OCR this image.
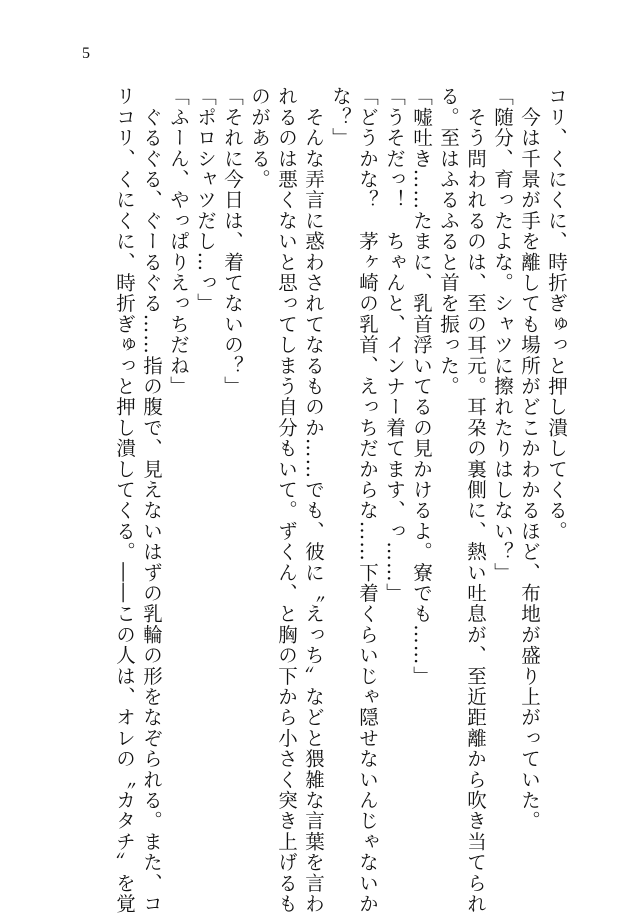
5
コリ、くにくに、時折ぎゅっと押し潰してくる。
　今は千景が手を離しても場所がどこかわかるほど、布地が盛り上がっていた。
「随分、育ったよな。シャツに擦れたりはしない？」
　そう問われるのは、至の耳元。耳朶の裏側に、熱い吐息が、至近距離から吹き当てられ
る。至はふるふると首を振った。
「嘘吐き……たまに、乳首浮いてるの見かけるよ。寮でも……」
「うそだっ！　ちゃんと、インナー着てます、っ……」
「どうかな？　茅ヶ崎の乳首、えっちだからな……下着くらいじゃ隠せないんじゃないか
な？」
　そんな弄言に惑わされてなるものか……でも、彼に〝えっち〟などと猥雑な言葉を言わ
れるのは悪くないと思ってしまう自分もいて。ずくん、と胸の下から小さく突き上げるも
のがある。
「それに今日は、着てないの？」
「ポロシャツだし…っ」
「ふーん、やっぱりえっちだね」
　ぐるぐる、ぐーるぐる……指の腹で、見えないはずの乳輪の形をなぞられる。また、コ
リコリ、くにくに、時折ぎゅっと押し潰してくる。――この人は、オレの〝カタチ〟を覚
